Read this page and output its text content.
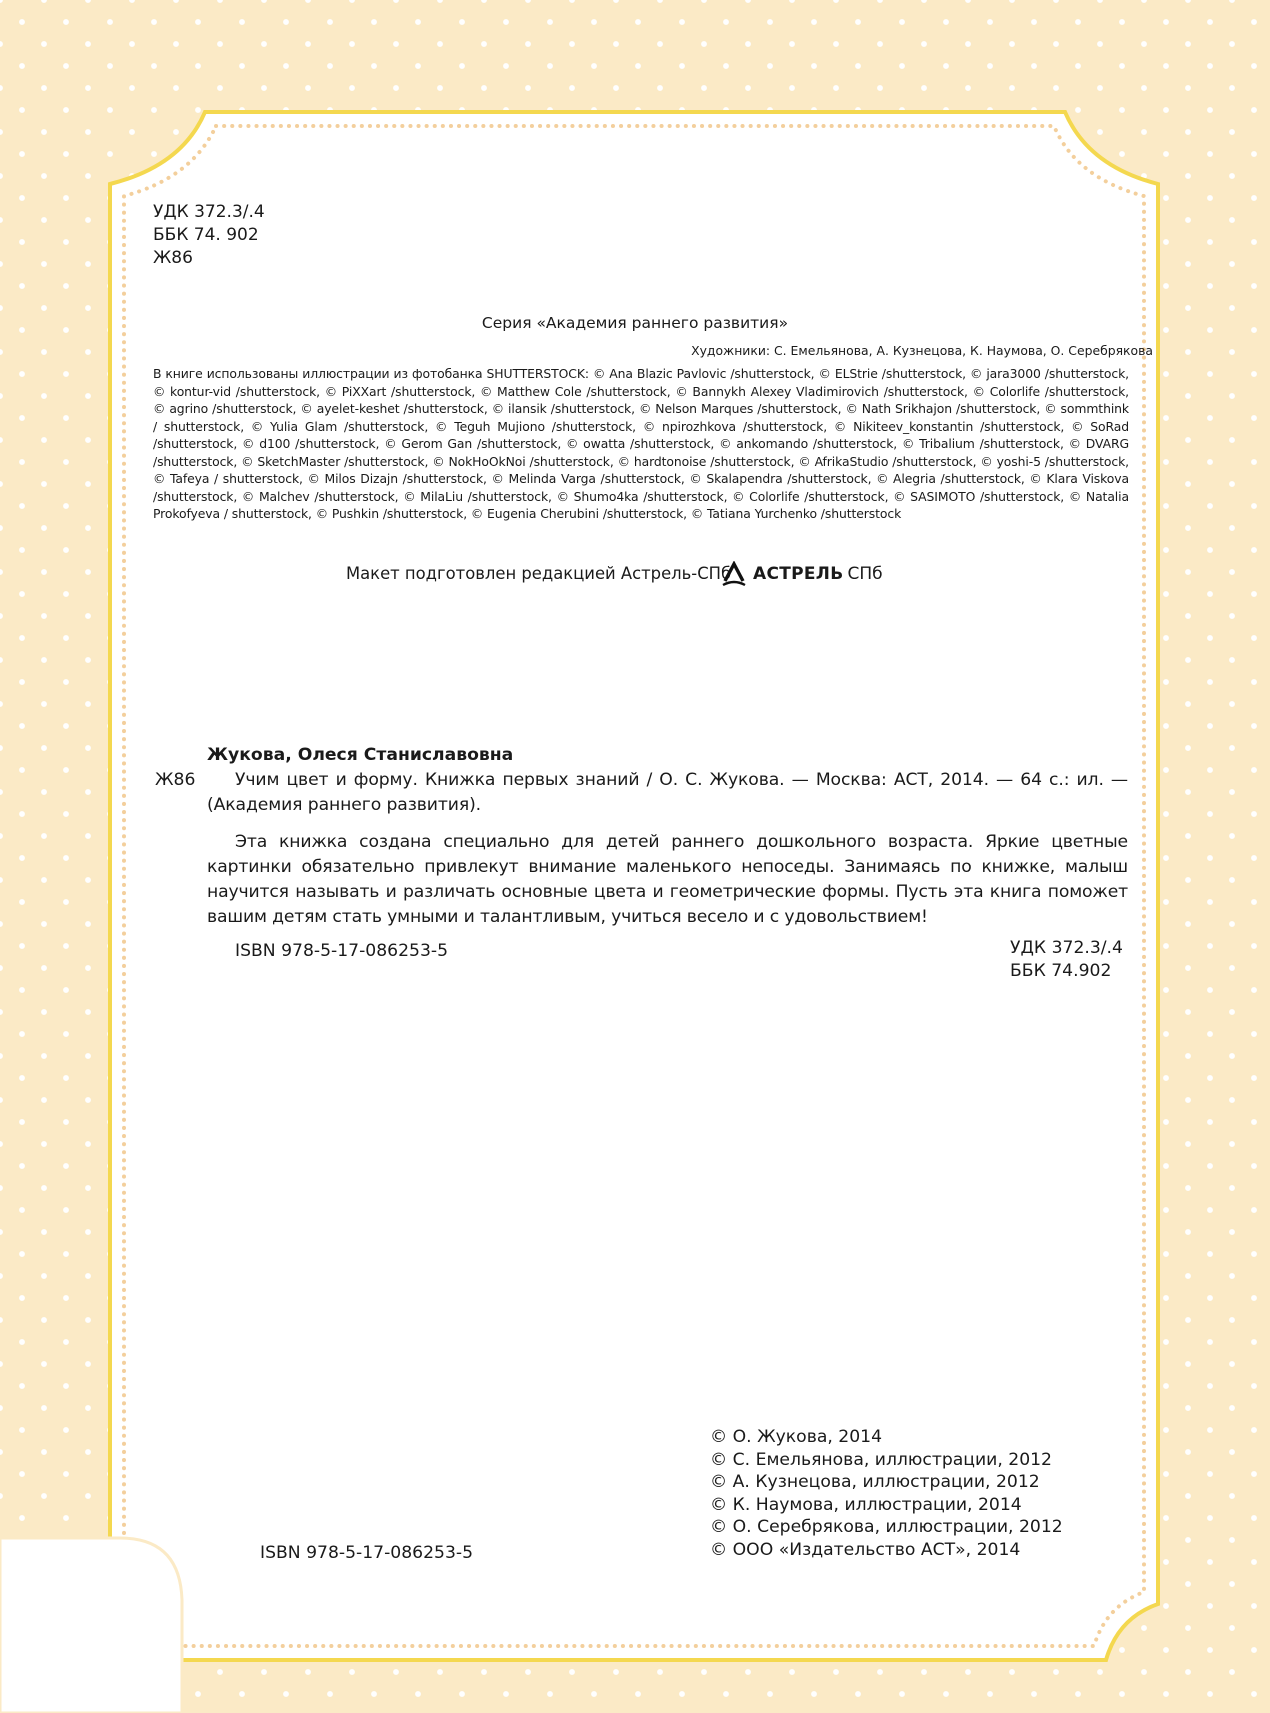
УДК 372.3/.4
ББК 74. 902
Ж86
Серия «Академия раннего развития»
Художники: С. Емельянова, А. Кузнецова, К. Наумова, О. Серебрякова

В книге использованы иллюстрации из фотобанка SHUTTERSTOCK: © Ana Blazic Pavlovic /shutterstock, © ELStrie /shutterstock, © jara3000 /shutterstock, © kontur-vid /shutterstock, © PiXXart /shutterstock, © Matthew Cole /shutterstock, © Bannykh Alexey Vladimirovich /shutterstock, © Colorlife /shutterstock, © agrino /shutterstock, © ayelet-keshet /shutterstock, © ilansik /shutterstock, © Nelson Marques /shutterstock, © Nath Srikhajon /shutterstock, © sommthink / shutterstock, © Yulia Glam /shutterstock, © Teguh Mujiono /shutterstock, © npirozhkova /shutterstock, © Nikiteev_konstantin /shutterstock, © SoRad /shutterstock, © d100 /shutterstock, © Gerom Gan /shutterstock, © owatta /shutterstock, © ankomando /shutterstock, © Tribalium /shutterstock, © DVARG /shutterstock, © SketchMaster /shutterstock, © NokHoOkNoi /shutterstock, © hardtonoise /shutterstock, © AfrikaStudio /shutterstock, © yoshi-5 /shutterstock, © Tafeya / shutterstock, © Milos Dizajn /shutterstock, © Melinda Varga /shutterstock, © Skalapendra /shutterstock, © Alegria /shutterstock, © Klara Viskova /shutterstock, © Malchev /shutterstock, © MilaLiu /shutterstock, © Shumo4ka /shutterstock, © Colorlife /shutterstock, © SASIMOTO /shutterstock, © Natalia Prokofyeva / shutterstock, © Pushkin /shutterstock, © Eugenia Cherubini /shutterstock, © Tatiana Yurchenko /shutterstock

Макет подготовлен редакцией Астрель-СПб АСТРЕЛЬ СПб
Жукова, Олеся Станиславовна
Ж86	Учим цвет и форму. Книжка первых знаний / О. С. Жукова. — Москва: АСТ, 2014. — 64 с.: ил. — (Академия раннего развития).

Эта книжка создана специально для детей раннего дошкольного возраста. Яркие цветные картинки обязательно привлекут внимание маленького непоседы. Занимаясь по книжке, малыш научится называть и различать основные цвета и геометрические формы. Пусть эта книга поможет вашим детям стать умными и талантливым, учиться весело и с удовольствием!

ISBN 978-5-17-086253-5	УДК 372.3/.4
ББК 74.902
© О. Жукова, 2014
© С. Емельянова, иллюстрации, 2012
© А. Кузнецова, иллюстрации, 2012
© К. Наумова, иллюстрации, 2014
© О. Серебрякова, иллюстрации, 2012
© ООО «Издательство АСТ», 2014
ISBN 978-5-17-086253-5
